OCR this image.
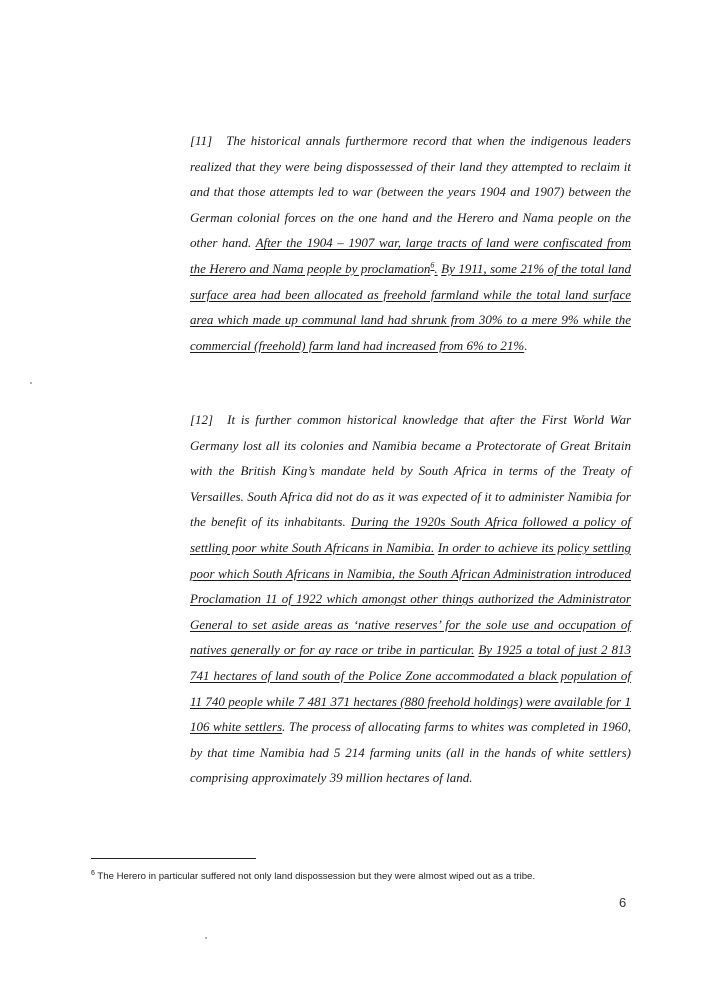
[11] The historical annals furthermore record that when the indigenous leaders realized that they were being dispossessed of their land they attempted to reclaim it and that those attempts led to war (between the years 1904 and 1907) between the German colonial forces on the one hand and the Herero and Nama people on the other hand. After the 1904 – 1907 war, large tracts of land were confiscated from the Herero and Nama people by proclamation$^6$. By 1911, some 21% of the total land surface area had been allocated as freehold farmland while the total land surface area which made up communal land had shrunk from 30% to a mere 9% while the commercial (freehold) farm land had increased from 6% to 21%.
[12] It is further common historical knowledge that after the First World War Germany lost all its colonies and Namibia became a Protectorate of Great Britain with the British King’s mandate held by South Africa in terms of the Treaty of Versailles. South Africa did not do as it was expected of it to administer Namibia for the benefit of its inhabitants. During the 1920s South Africa followed a policy of settling poor white South Africans in Namibia. In order to achieve its policy settling poor which South Africans in Namibia, the South African Administration introduced Proclamation 11 of 1922 which amongst other things authorized the Administrator General to set aside areas as ‘native reserves’ for the sole use and occupation of natives generally or for ay race or tribe in particular. By 1925 a total of just 2 813 741 hectares of land south of the Police Zone accommodated a black population of 11 740 people while 7 481 371 hectares (880 freehold holdings) were available for 1 106 white settlers. The process of allocating farms to whites was completed in 1960, by that time Namibia had 5 214 farming units (all in the hands of white settlers) comprising approximately 39 million hectares of land.
$^6$ The Herero in particular suffered not only land dispossession but they were almost wiped out as a tribe.
6
